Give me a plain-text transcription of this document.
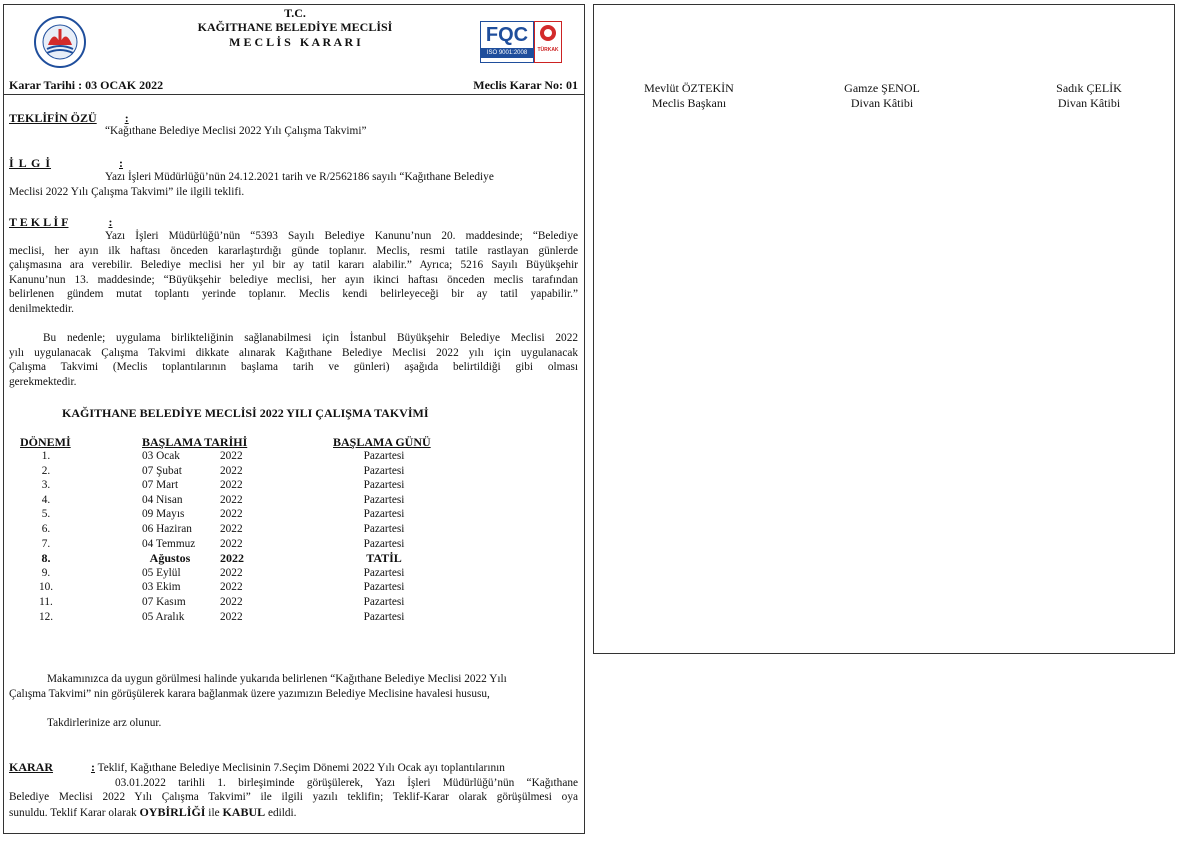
T.C.
KAĞITHANE BELEDİYE MECLİSİ
M E C L İ S   K A R A R I	FQC
ISO 9001:2008	TÜRKAK
Karar Tarihi : 03 OCAK 2022	Meclis Karar No: 01
TEKLİFİN ÖZÜ :
“Kağıthane Belediye Meclisi 2022 Yılı Çalışma Takvimi”
İ L G İ	:
Yazı İşleri Müdürlüğü’nün 24.12.2021 tarih ve R/2562186 sayılı “Kağıthane Belediye
Meclisi 2022 Yılı Çalışma Takvimi” ile ilgili teklifi.
T E K L İ F	:
Yazı İşleri Müdürlüğü’nün “5393 Sayılı Belediye Kanunu’nun 20. maddesinde; “Belediye
meclisi, her ayın ilk haftası önceden kararlaştırdığı günde toplanır. Meclis, resmi tatile rastlayan günlerde
çalışmasına ara verebilir. Belediye meclisi her yıl bir ay tatil kararı alabilir.” Ayrıca; 5216 Sayılı Büyükşehir
Kanunu’nun 13. maddesinde; “Büyükşehir belediye meclisi, her ayın ikinci haftası önceden meclis tarafından
belirlenen gündem mutat toplantı yerinde toplanır. Meclis kendi belirleyeceği bir ay tatil yapabilir.”
denilmektedir.
Bu nedenle; uygulama birlikteliğinin sağlanabilmesi için İstanbul Büyükşehir Belediye Meclisi 2022
yılı uygulanacak Çalışma Takvimi dikkate alınarak Kağıthane Belediye Meclisi 2022 yılı için uygulanacak
Çalışma Takvimi (Meclis toplantılarının başlama tarih ve günleri) aşağıda belirtildiği gibi olması
gerekmektedir.
KAĞITHANE BELEDİYE MECLİSİ 2022 YILI ÇALIŞMA TAKVİMİ
DÖNEMİ	BAŞLAMA TARİHİ	BAŞLAMA GÜNÜ
1.	03 Ocak	2022	Pazartesi
2.	07 Şubat	2022	Pazartesi
3.	07 Mart	2022	Pazartesi
4.	04 Nisan	2022	Pazartesi
5.	09 Mayıs	2022	Pazartesi
6.	06 Haziran 2022	Pazartesi
7.	04 Temmuz 2022	Pazartesi
8.	Ağustos	2022	TATİL
9.	05 Eylül	2022	Pazartesi
10.	03 Ekim	2022	Pazartesi
11.	07 Kasım	2022	Pazartesi
12.	05 Aralık	2022	Pazartesi
Makamınızca da uygun görülmesi halinde yukarıda belirlenen “Kağıthane Belediye Meclisi 2022 Yılı
Çalışma Takvimi” nin görüşülerek karara bağlanmak üzere yazımızın Belediye Meclisine havalesi hususu,
Takdirlerinize arz olunur.
KARAR	: Teklif, Kağıthane Belediye Meclisinin 7.Seçim Dönemi 2022 Yılı Ocak ayı toplantılarının
03.01.2022 tarihli 1. birleşiminde görüşülerek, Yazı İşleri Müdürlüğü’nün “Kağıthane
Belediye Meclisi 2022 Yılı Çalışma Takvimi” ile ilgili yazılı teklifin; Teklif-Karar olarak görüşülmesi oya
sunuldu. Teklif Karar olarak OYBİRLİĞİ ile KABUL edildi.
Mevlüt ÖZTEKİN
Meclis Başkanı
Gamze ŞENOL
Divan Kâtibi
Sadık ÇELİK
Divan Kâtibi
